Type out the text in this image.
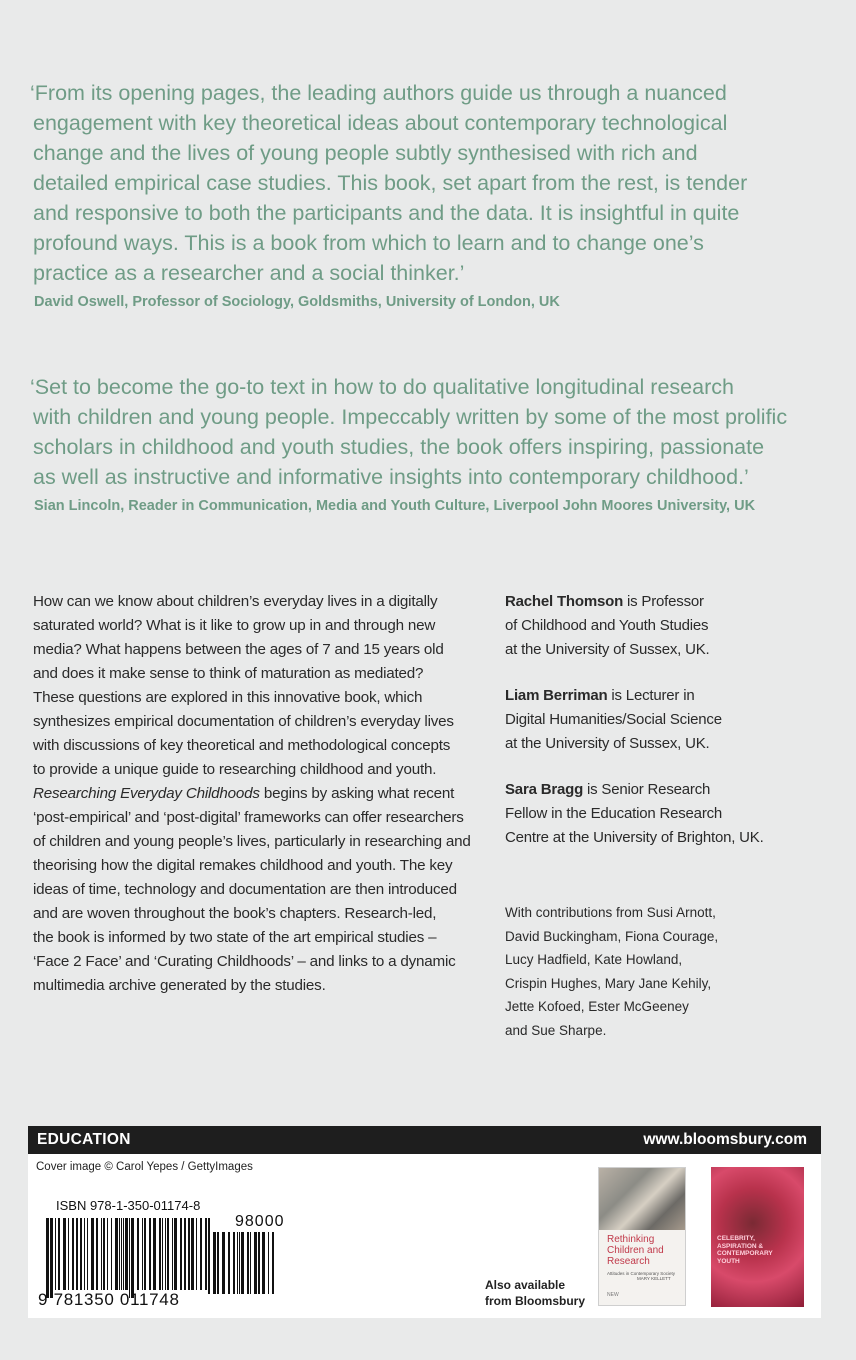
‘From its opening pages, the leading authors guide us through a nuanced
engagement with key theoretical ideas about contemporary technological
change and the lives of young people subtly synthesised with rich and
detailed empirical case studies. This book, set apart from the rest, is tender
and responsive to both the participants and the data. It is insightful in quite
profound ways. This is a book from which to learn and to change one’s
practice as a researcher and a social thinker.’

David Oswell, Professor of Sociology, Goldsmiths, University of London, UK

‘Set to become the go-to text in how to do qualitative longitudinal research
with children and young people. Impeccably written by some of the most prolific
scholars in childhood and youth studies, the book offers inspiring, passionate
as well as instructive and informative insights into contemporary childhood.’

Sian Lincoln, Reader in Communication, Media and Youth Culture, Liverpool John Moores University, UK
How can we know about children’s everyday lives in a digitally
saturated world? What is it like to grow up in and through new
media? What happens between the ages of 7 and 15 years old
and does it make sense to think of maturation as mediated?
These questions are explored in this innovative book, which
synthesizes empirical documentation of children’s everyday lives
with discussions of key theoretical and methodological concepts
to provide a unique guide to researching childhood and youth.
Researching Everyday Childhoods begins by asking what recent
‘post-empirical’ and ‘post-digital’ frameworks can offer researchers
of children and young people’s lives, particularly in researching and
theorising how the digital remakes childhood and youth. The key
ideas of time, technology and documentation are then introduced
and are woven throughout the book’s chapters. Research-led,
the book is informed by two state of the art empirical studies –
‘Face 2 Face’ and ‘Curating Childhoods’ – and links to a dynamic
multimedia archive generated by the studies.
Rachel Thomson is Professor
of Childhood and Youth Studies
at the University of Sussex, UK.
Liam Berriman is Lecturer in
Digital Humanities/Social Science
at the University of Sussex, UK.
Sara Bragg is Senior Research
Fellow in the Education Research
Centre at the University of Brighton, UK.
With contributions from Susi Arnott,
David Buckingham, Fiona Courage,
Lucy Hadfield, Kate Howland,
Crispin Hughes, Mary Jane Kehily,
Jette Kofoed, Ester McGeeney
and Sue Sharpe.
EDUCATION	www.bloomsbury.com
Cover image © Carol Yepes / GettyImages
ISBN 978-1-350-01174-8
98000
9 781350 011748
Also available
from Bloomsbury
Rethinking
Children and
Research
Attitudes in Contemporary Society
MARY KELLETT
NEW
CELEBRITY,
ASPIRATION &
CONTEMPORARY
YOUTH
